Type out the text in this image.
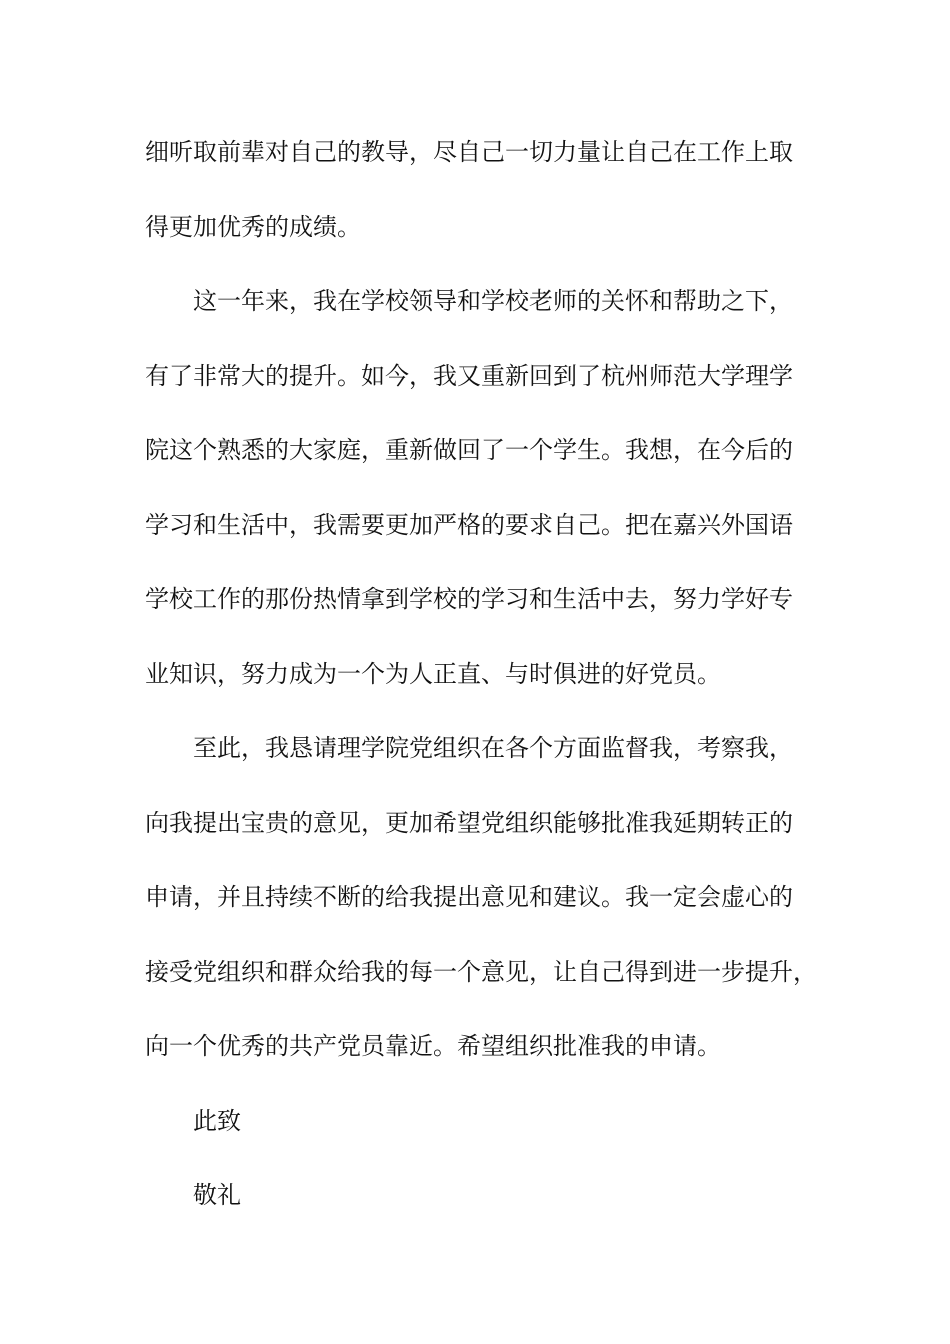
细听取前辈对自己的教导，尽自己一切力量让自己在工作上取
得更加优秀的成绩。
这一年来，我在学校领导和学校老师的关怀和帮助之下，
有了非常大的提升。如今，我又重新回到了杭州师范大学理学
院这个熟悉的大家庭，重新做回了一个学生。我想，在今后的
学习和生活中，我需要更加严格的要求自己。把在嘉兴外国语
学校工作的那份热情拿到学校的学习和生活中去，努力学好专
业知识，努力成为一个为人正直、与时俱进的好党员。
至此，我恳请理学院党组织在各个方面监督我，考察我，
向我提出宝贵的意见，更加希望党组织能够批准我延期转正的
申请，并且持续不断的给我提出意见和建议。我一定会虚心的
接受党组织和群众给我的每一个意见，让自己得到进一步提升，
向一个优秀的共产党员靠近。希望组织批准我的申请。
此致
敬礼
